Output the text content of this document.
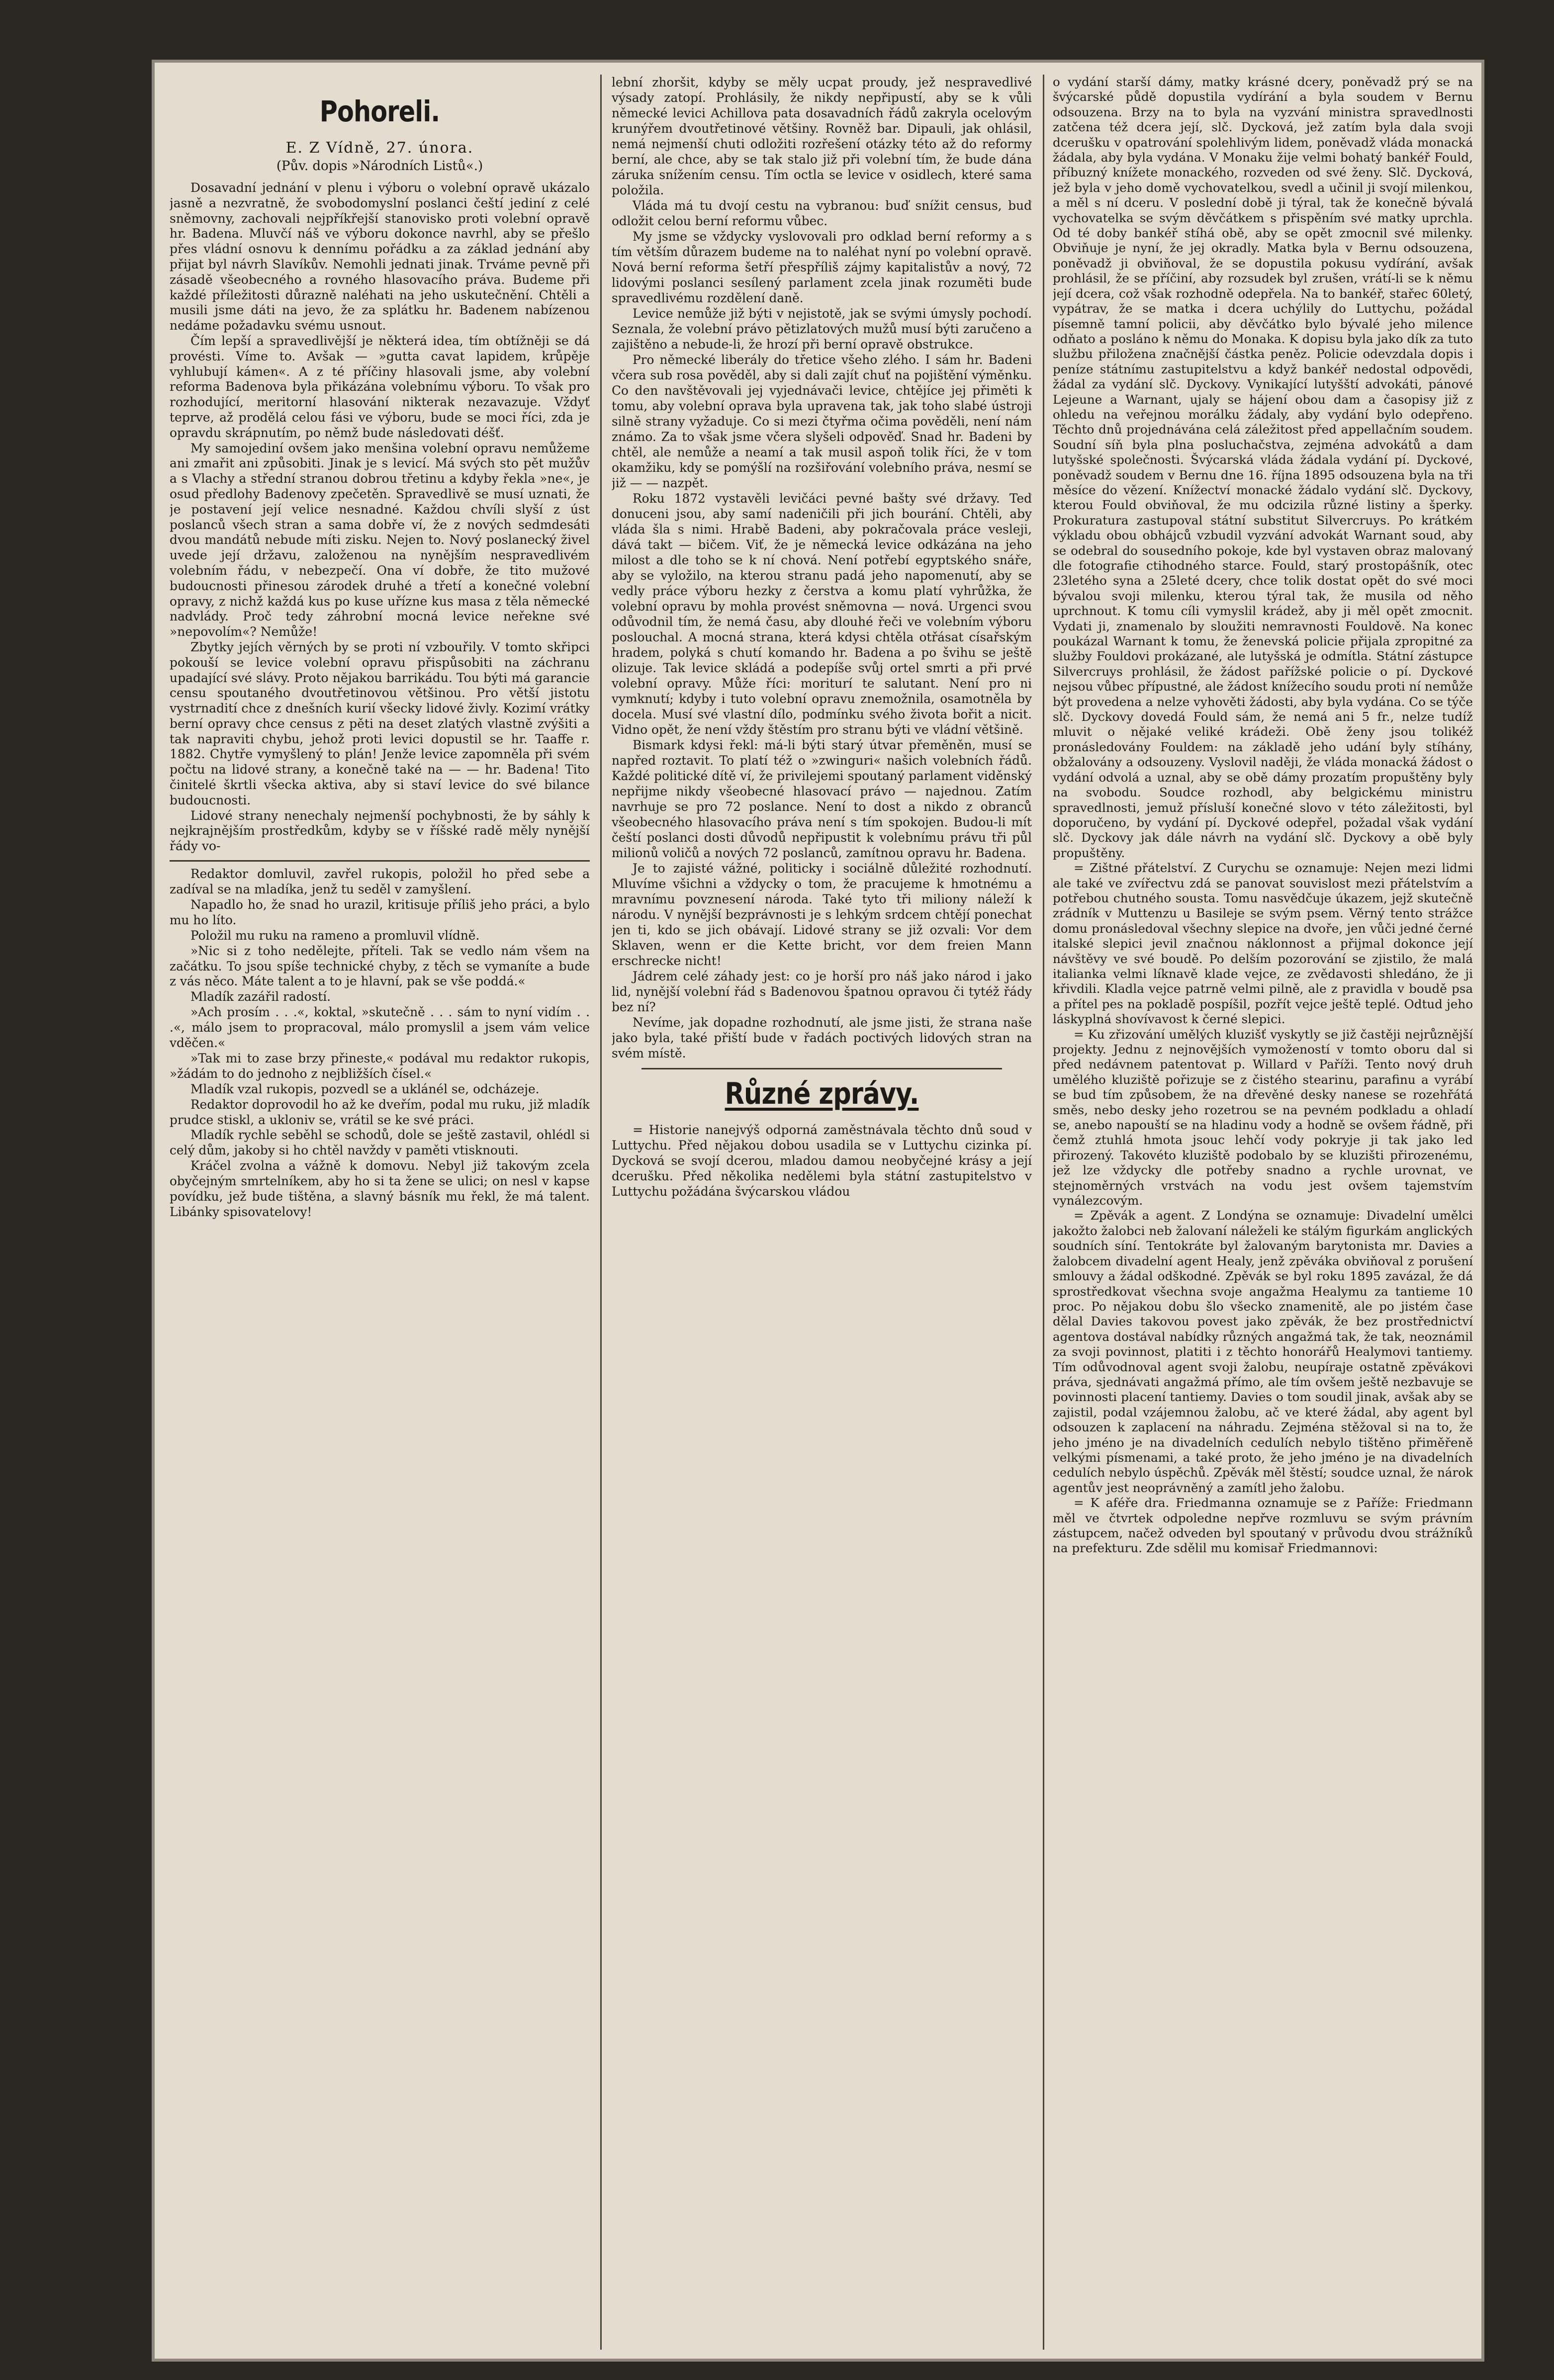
Pohoreli.
E. Z Vídně, 27. února.
(Pův. dopis »Národních Listů«.)

Dosavadní jednání v plenu i výboru o volební opravě ukázalo jasně a nezvratně, že svobodomyslní poslanci čeští jediní z celé sněmovny, zachovali nejpříkřejší stanovisko proti volební opravě hr. Badena. Mluvčí náš ve výboru dokonce navrhl, aby se přešlo přes vládní osnovu k dennímu pořádku a za základ jednání aby přijat byl návrh Slavíkův. Nemohli jednati jinak. Trváme pevně při zásadě všeobecného a rovného hlasovacího práva. Budeme při každé příležitosti důrazně naléhati na jeho uskutečnění. Chtěli a musili jsme dáti na jevo, že za splátku hr. Badenem nabízenou nedáme požadavku svému usnout.

Čím lepší a spravedlivější je některá idea, tím obtížněji se dá provésti. Víme to. Avšak — »gutta cavat lapidem, krůpěje vyhlubují kámen«. A z té příčiny hlasovali jsme, aby volební reforma Badenova byla přikázána volebnímu výboru. To však pro rozhodující, meritorní hlasování nikterak nezavazuje. Vždyť teprve, až prodělá celou fási ve výboru, bude se moci říci, zda je opravdu skrápnutím, po němž bude následovati déšť.

My samojediní ovšem jako menšina volební opravu nemůžeme ani zmařit ani způsobiti. Jinak je s levicí. Má svých sto pět mužův a s Vlachy a střední stranou dobrou třetinu a kdyby řekla »ne«, je osud předlohy Badenovy zpečetěn. Spravedlivě se musí uznati, že je postavení její velice nesnadné. Každou chvíli slyší z úst poslanců všech stran a sama dobře ví, že z nových sedmdesáti dvou mandátů nebude míti zisku. Nejen to. Nový poslanecký živel uvede její državu, založenou na nynějším nespravedlivém volebním řádu, v nebezpečí. Ona ví dobře, že tito mužové budoucnosti přinesou zárodek druhé a třetí a konečné volební opravy, z nichž každá kus po kuse uřízne kus masa z těla německé nadvlády. Proč tedy záhrobní mocná levice neřekne své »nepovolím«? Nemůže!

Zbytky jejích věrných by se proti ní vzbouřily. V tomto skřipci pokouší se levice volební opravu přispůsobiti na záchranu upadající své slávy. Proto nějakou barrikádu. Tou býti má garancie censu spoutaného dvoutřetinovou většinou. Pro větší jistotu vystrnadití chce z dnešních kurií všecky lidové živly. Kozimí vrátky berní opravy chce census z pěti na deset zlatých vlastně zvýšiti a tak napraviti chybu, jehož proti levici dopustil se hr. Taaffe r. 1882. Chytře vymyšlený to plán! Jenže levice zapomněla při svém počtu na lidové strany, a konečně také na — — hr. Badena! Tito činitelé škrtli všecka aktiva, aby si staví levice do své bilance budoucnosti.

Lidové strany nenechaly nejmenší pochybnosti, že by sáhly k nejkrajnějším prostředkům, kdyby se v říšské radě měly nynější řády vo-

Redaktor domluvil, zavřel rukopis, položil ho před sebe a zadíval se na mladíka, jenž tu seděl v zamyšlení.

Napadlo ho, že snad ho urazil, kritisuje příliš jeho práci, a bylo mu ho líto.

Položil mu ruku na rameno a promluvil vlídně.

»Nic si z toho nedělejte, příteli. Tak se vedlo nám všem na začátku. To jsou spíše technické chyby, z těch se vymaníte a bude z vás něco. Máte talent a to je hlavní, pak se vše poddá.«

Mladík zazářil radostí.

»Ach prosím . . .«, koktal, »skutečně . . . sám to nyní vidím . . .«, málo jsem to propracoval, málo promyslil a jsem vám velice vděčen.«

»Tak mi to zase brzy přineste,« podával mu redaktor rukopis, »žádám to do jednoho z nejbližších čísel.«

Mladík vzal rukopis, pozvedl se a uklánél se, odcházeje.

Redaktor doprovodil ho až ke dveřím, podal mu ruku, již mladík prudce stiskl, a ukloniv se, vrátil se ke své práci.

Mladík rychle seběhl se schodů, dole se ještě zastavil, ohlédl si celý dům, jakoby si ho chtěl navždy v paměti vtisknouti.

Kráčel zvolna a vážně k domovu. Nebyl již takovým zcela obyčejným smrtelníkem, aby ho si ta žene se ulici; on nesl v kapse povídku, jež bude tištěna, a slavný básník mu řekl, že má talent. Libánky spisovatelovy!

lební zhoršit, kdyby se měly ucpat proudy, jež nespravedlivé výsady zatopí. Prohlásily, že nikdy nepřipustí, aby se k vůli německé levici Achillova pata dosavadních řádů zakryla ocelovým krunýřem dvoutřetinové většiny. Rovněž bar. Dipauli, jak ohlásil, nemá nejmenší chuti odložiti rozřešení otázky této až do reformy berní, ale chce, aby se tak stalo již při volební tím, že bude dána záruka snížením censu. Tím octla se levice v osidlech, které sama položila.

Vláda má tu dvojí cestu na vybranou: buď snížit census, buď odložit celou berní reformu vůbec.

My jsme se vždycky vyslovovali pro odklad berní reformy a s tím větším důrazem budeme na to naléhat nyní po volební opravě. Nová berní reforma šetří přespříliš zájmy kapitalistův a nový, 72 lidovými poslanci sesílený parlament zcela jinak rozuměti bude spravedlivému rozdělení daně.

Levice nemůže již býti v nejistotě, jak se svými úmysly pochodí. Seznala, že volební právo pětizlatových mužů musí býti zaručeno a zajištěno a nebude-li, že hrozí při berní opravě obstrukce.

Pro německé liberály do třetice všeho zlého. I sám hr. Badeni včera sub rosa pověděl, aby si dali zajít chuť na pojištění výměnku. Co den navštěvovali jej vyjednávači levice, chtějíce jej přiměti k tomu, aby volební oprava byla upravena tak, jak toho slabé ústroji silně strany vyžaduje. Co si mezi čtyřma očima pověděli, není nám známo. Za to však jsme včera slyšeli odpověď. Snad hr. Badeni by chtěl, ale nemůže a neamí a tak musil aspoň tolik říci, že v tom okamžiku, kdy se pomýšlí na rozšiřování volebního práva, nesmí se již — — nazpět.

Roku 1872 vystavěli levičáci pevné bašty své državy. Teď donuceni jsou, aby samí nadeničili při jich bourání. Chtěli, aby vláda šla s nimi. Hrabě Badeni, aby pokračovala práce vesleji, dává takt — bičem. Viť, že je německá levice odkázána na jeho milost a dle toho se k ní chová. Není potřebí egyptského snáře, aby se vyložilo, na kterou stranu padá jeho napomenutí, aby se vedly práce výboru hezky z čerstva a komu platí vyhrůžka, že volební opravu by mohla provést sněmovna — nová. Urgenci svou odůvodnil tím, že nemá času, aby dlouhé řeči ve volebním výboru poslouchal. A mocná strana, která kdysi chtěla otřásat císařským hradem, polyká s chutí komando hr. Badena a po švihu se ještě olizuje. Tak levice skládá a podepíše svůj ortel smrti a při prvé volební opravy. Může říci: moriturí te salutant. Není pro ni vymknutí; kdyby i tuto volební opravu znemožnila, osamotněla by docela. Musí své vlastní dílo, podmínku svého života bořit a nicit. Vidno opět, že není vždy štěstím pro stranu býti ve vládní většině.

Bismark kdysi řekl: má-li býti starý útvar přeměněn, musí se napřed roztavit. To platí též o »zwinguri« našich volebních řádů. Každé politické dítě ví, že privilejemi spoutaný parlament viděnský nepřijme nikdy všeobecné hlasovací právo — najednou. Zatím navrhuje se pro 72 poslance. Není to dost a nikdo z obranců všeobecného hlasovacího práva není s tím spokojen. Budou-li mít čeští poslanci dosti důvodů nepřipustit k volebnímu právu tři půl milionů voličů a nových 72 poslanců, zamítnou opravu hr. Badena.

Je to zajisté vážné, politicky i sociálně důležité rozhodnutí. Mluvíme všichni a vždycky o tom, že pracujeme k hmotnému a mravnímu povznesení národa. Také tyto tři miliony náleží k národu. V nynější bezprávnosti je s lehkým srdcem chtějí ponechat jen ti, kdo se jich obávají. Lidové strany se již ozvali: Vor dem Sklaven, wenn er die Kette bricht, vor dem freien Mann erschrecke nicht!

Jádrem celé záhady jest: co je horší pro náš jako národ i jako lid, nynější volební řád s Badenovou špatnou opravou či tytéž řády bez ní?

Nevíme, jak dopadne rozhodnutí, ale jsme jisti, že strana naše jako byla, také přiští bude v řadách poctivých lidových stran na svém místě.

Různé zprávy.

= Historie nanejvýš odporná zaměstnávala těchto dnů soud v Luttychu. Před nějakou dobou usadila se v Luttychu cizinka pí. Dycková se svojí dcerou, mladou damou neobyčejné krásy a její dcerušku. Před několika nedělemi byla státní zastupitelstvo v Luttychu požádána švýcarskou vládou

o vydání starší dámy, matky krásné dcery, poněvadž prý se na švýcarské půdě dopustila vydírání a byla soudem v Bernu odsouzena. Brzy na to byla na vyzvání ministra spravedlnosti zatčena též dcera její, slč. Dycková, jež zatím byla dala svoji dcerušku v opatrování spolehlivým lidem, poněvadž vláda monacká žádala, aby byla vydána. V Monaku žije velmi bohatý bankéř Fould, příbuzný knížete monackého, rozveden od své ženy. Slč. Dycková, jež byla v jeho domě vychovatelkou, svedl a učinil ji svojí milenkou, a měl s ní dceru. V poslední době ji týral, tak že konečně bývalá vychovatelka se svým děvčátkem s přispěním své matky uprchla. Od té doby bankéř stíhá obě, aby se opět zmocnil své milenky. Obviňuje je nyní, že jej okradly. Matka byla v Bernu odsouzena, poněvadž ji obviňoval, že se dopustila pokusu vydírání, avšak prohlásil, že se příčiní, aby rozsudek byl zrušen, vrátí-li se k němu její dcera, což však rozhodně odepřela. Na to bankéř, stařec 60letý, vypátrav, že se matka i dcera uchýlily do Luttychu, požádal písemně tamní policii, aby děvčátko bylo bývalé jeho milence odňato a posláno k němu do Monaka. K dopisu byla jako dík za tuto službu přiložena značnější částka peněz. Policie odevzdala dopis i peníze státnímu zastupitelstvu a když bankéř nedostal odpovědi, žádal za vydání slč. Dyckovy. Vynikající lutyšští advokáti, pánové Lejeune a Warnant, ujaly se hájení obou dam a časopisy již z ohledu na veřejnou morálku žádaly, aby vydání bylo odepřeno. Těchto dnů projednávána celá záležitost před appellačním soudem. Soudní síň byla plna posluchačstva, zejména advokátů a dam lutyšské společnosti. Švýcarská vláda žádala vydání pí. Dyckové, poněvadž soudem v Bernu dne 16. října 1895 odsouzena byla na tři měsíce do vězení. Knížectví monacké žádalo vydání slč. Dyckovy, kterou Fould obviňoval, že mu odcizila různé listiny a šperky. Prokuratura zastupoval státní substitut Silvercruys. Po krátkém výkladu obou obhájců vzbudil vyzvání advokát Warnant soud, aby se odebral do sousedního pokoje, kde byl vystaven obraz malovaný dle fotografie ctihodného starce. Fould, starý prostopášník, otec 23letého syna a 25leté dcery, chce tolik dostat opět do své moci bývalou svoji milenku, kterou týral tak, že musila od něho uprchnout. K tomu cíli vymyslil krádež, aby ji měl opět zmocnit. Vydati ji, znamenalo by sloužiti nemravnosti Fouldově. Na konec poukázal Warnant k tomu, že ženevská policie přijala zpropitné za služby Fouldovi prokázané, ale lutyšská je odmítla. Státní zástupce Silvercruys prohlásil, že žádost pařížské policie o pí. Dyckové nejsou vůbec přípustné, ale žádost knížecího soudu proti ní nemůže být provedena a nelze vyhověti žádosti, aby byla vydána. Co se týče slč. Dyckovy dovedá Fould sám, že nemá ani 5 fr., nelze tudíž mluvit o nějaké veliké krádeži. Obě ženy jsou tolikéž pronásledovány Fouldem: na základě jeho udání byly stíhány, obžalovány a odsouzeny. Vyslovil naději, že vláda monacká žádost o vydání odvolá a uznal, aby se obě dámy prozatím propuštěny byly na svobodu. Soudce rozhodl, aby belgickému ministru spravedlnosti, jemuž přísluší konečné slovo v této záležitosti, byl doporučeno, by vydání pí. Dyckové odepřel, požadal však vydání slč. Dyckovy jak dále návrh na vydání slč. Dyckovy a obě byly propuštěny.

= Zištné přátelství. Z Curychu se oznamuje: Nejen mezi lidmi ale také ve zvířectvu zdá se panovat souvislost mezi přátelstvím a potřebou chutného sousta. Tomu nasvědčuje úkazem, jejž skutečně zrádník v Muttenzu u Basileje se svým psem. Věrný tento strážce domu pronásledoval všechny slepice na dvoře, jen vůči jedné černé italské slepici jevil značnou náklonnost a přijmal dokonce její návštěvy ve své boudě. Po delším pozorování se zjistilo, že malá italianka velmi líknavě klade vejce, ze zvědavosti shledáno, že ji křivdili. Kladla vejce patrně velmi pilně, ale z pravidla v boudě psa a přítel pes na pokladě pospíšil, pozřít vejce ještě teplé. Odtud jeho láskyplná shovívavost k černé slepici.

= Ku zřizování umělých kluzišť vyskytly se již častěji nejrůznější projekty. Jednu z nejnovějších vymožeností v tomto oboru dal si před nedávnem patentovat p. Willard v Paříži. Tento nový druh umělého kluziště pořizuje se z čistého stearinu, parafinu a vyrábí se bud tím způsobem, že na dřevěné desky nanese se rozehřátá směs, nebo desky jeho rozetrou se na pevném podkladu a ohladí se, anebo napouští se na hladinu vody a hodně se ovšem řádně, při čemž ztuhlá hmota jsouc lehčí vody pokryje ji tak jako led přirozený. Takovéto kluziště podobalo by se kluzišti přirozenému, jež lze vždycky dle potřeby snadno a rychle urovnat, ve stejnoměrných vrstvách na vodu jest ovšem tajemstvím vynálezcovým.

= Zpěvák a agent. Z Londýna se oznamuje: Divadelní umělci jakožto žalobci neb žalovaní náleželi ke stálým figurkám anglických soudních síní. Tentokráte byl žalovaným barytonista mr. Davies a žalobcem divadelní agent Healy, jenž zpěváka obviňoval z porušení smlouvy a žádal odškodné. Zpěvák se byl roku 1895 zavázal, že dá sprostředkovat všechna svoje angažma Healymu za tantieme 10 proc. Po nějakou dobu šlo všecko znamenitě, ale po jistém čase dělal Davies takovou povest jako zpěvák, že bez prostřednictví agentova dostával nabídky různých angažmá tak, že tak, neoznámil za svoji povinnost, platiti i z těchto honorářů Healymovi tantiemy. Tím odůvodnoval agent svoji žalobu, neupíraje ostatně zpěvákovi práva, sjednávati angažmá přímo, ale tím ovšem ještě nezbavuje se povinnosti placení tantiemy. Davies o tom soudil jinak, avšak aby se zajistil, podal vzájemnou žalobu, ač ve které žádal, aby agent byl odsouzen k zaplacení na náhradu. Zejména stěžoval si na to, že jeho jméno je na divadelních cedulích nebylo tištěno přiměřeně velkými písmenami, a také proto, že jeho jméno je na divadelních cedulích nebylo úspěchů. Zpěvák měl štěstí; soudce uznal, že nárok agentův jest neoprávněný a zamítl jeho žalobu.

= K aféře dra. Friedmanna oznamuje se z Paříže: Friedmann měl ve čtvrtek odpoledne nepřve rozmluvu se svým právním zástupcem, načež odveden byl spoutaný v průvodu dvou strážníků na prefekturu. Zde sdělil mu komisař Friedmannovi:
